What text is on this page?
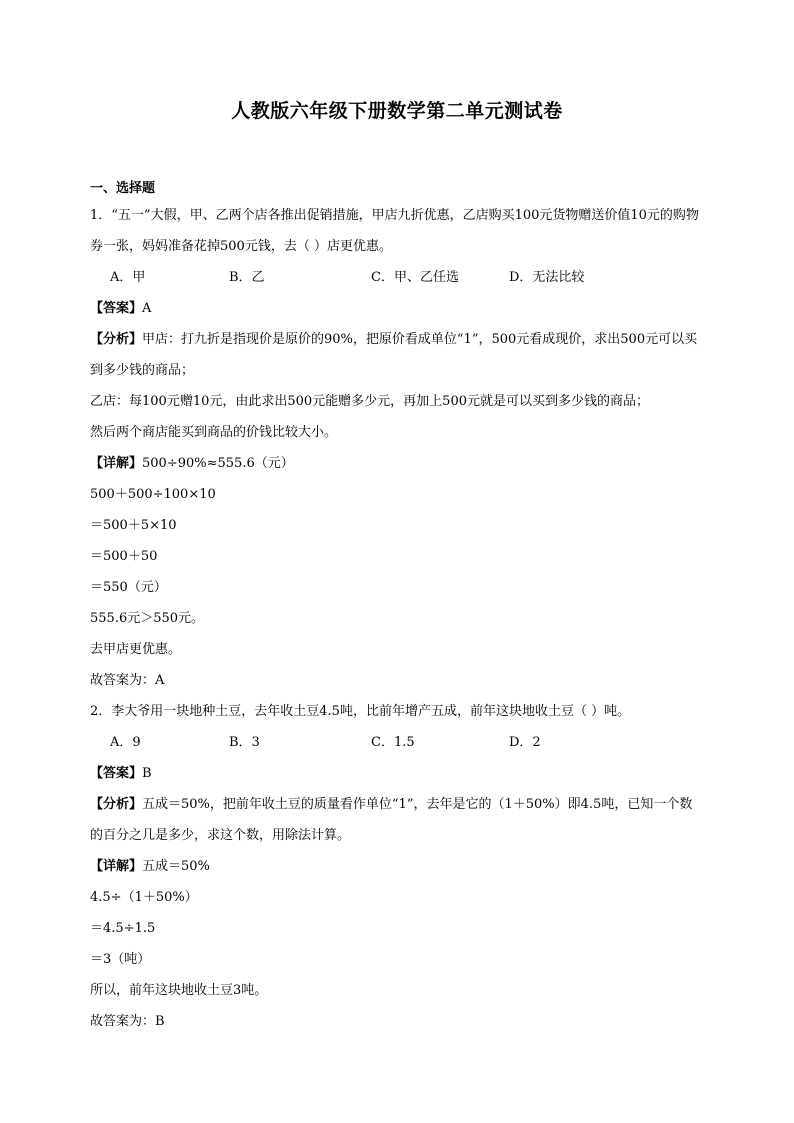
人教版六年级下册数学第二单元测试卷
一、选择题
1．“五一”大假，甲、乙两个店各推出促销措施，甲店九折优惠，乙店购买100元货物赠送价值10元的购物券一张，妈妈准备花掉500元钱，去（ ）店更优惠。
A．甲	B．乙	C．甲、乙任选	D．无法比较
【答案】A
【分析】甲店：打九折是指现价是原价的90%，把原价看成单位“1”，500元看成现价，求出500元可以买到多少钱的商品；
乙店：每100元赠10元，由此求出500元能赠多少元，再加上500元就是可以买到多少钱的商品；
然后两个商店能买到商品的价钱比较大小。
【详解】500÷90%≈555.6（元）
500＋500÷100×10
＝500＋5×10
＝500＋50
＝550（元）
555.6元＞550元。
去甲店更优惠。
故答案为：A
2．李大爷用一块地种土豆，去年收土豆4.5吨，比前年增产五成，前年这块地收土豆（ ）吨。
A．9	B．3	C．1.5	D．2
【答案】B
【分析】五成＝50%，把前年收土豆的质量看作单位“1”，去年是它的（1＋50%）即4.5吨，已知一个数的百分之几是多少，求这个数，用除法计算。
【详解】五成＝50%
4.5÷（1＋50%）
＝4.5÷1.5
＝3（吨）
所以，前年这块地收土豆3吨。
故答案为：B
